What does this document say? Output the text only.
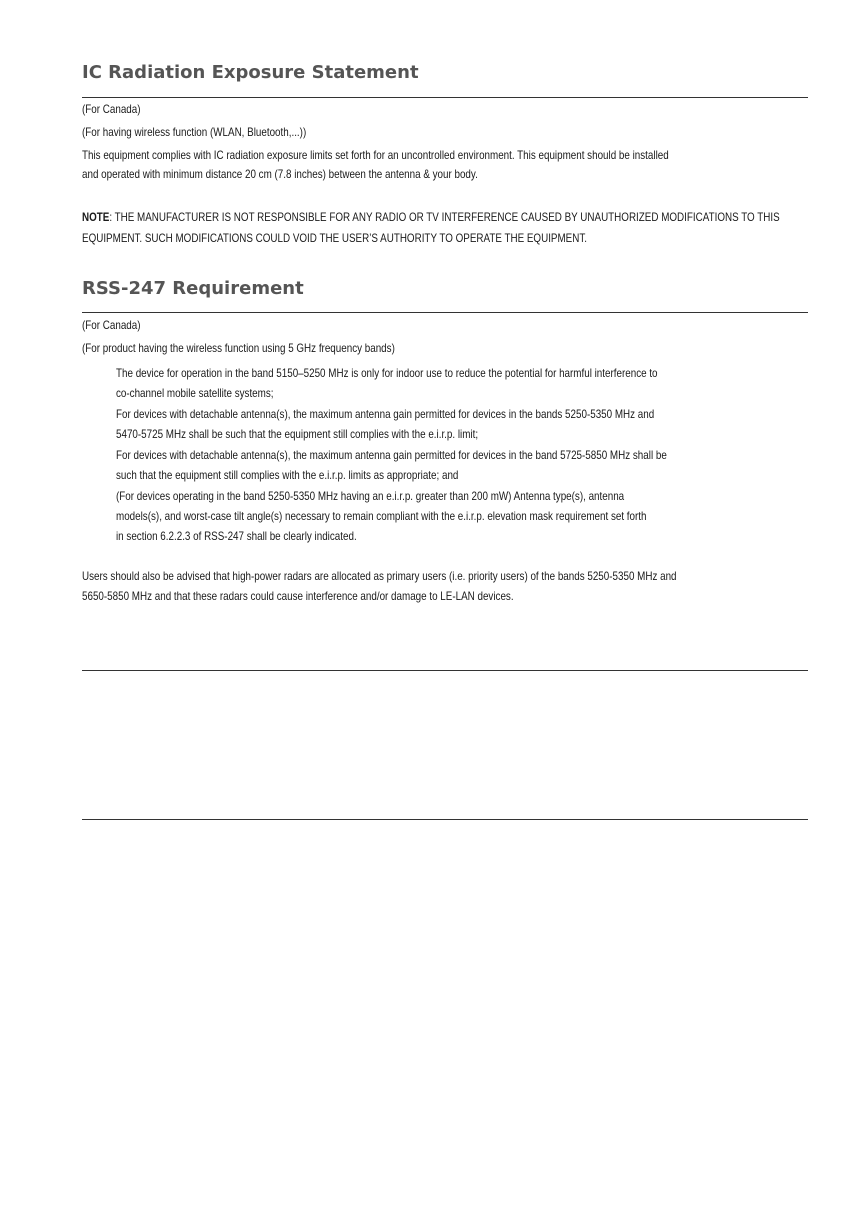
IC Radiation Exposure Statement
(For Canada)
(For having wireless function (WLAN, Bluetooth,...))
This equipment complies with IC radiation exposure limits set forth for an uncontrolled environment. This equipment should be installed
and operated with minimum distance 20 cm (7.8 inches) between the antenna & your body.
NOTE: THE MANUFACTURER IS NOT RESPONSIBLE FOR ANY RADIO OR TV INTERFERENCE CAUSED BY UNAUTHORIZED MODIFICATIONS TO THIS
EQUIPMENT. SUCH MODIFICATIONS COULD VOID THE USER’S AUTHORITY TO OPERATE THE EQUIPMENT.
RSS-247 Requirement
(For Canada)
(For product having the wireless function using 5 GHz frequency bands)
The device for operation in the band 5150–5250 MHz is only for indoor use to reduce the potential for harmful interference to
co-channel mobile satellite systems;
For devices with detachable antenna(s), the maximum antenna gain permitted for devices in the bands 5250-5350 MHz and
5470-5725 MHz shall be such that the equipment still complies with the e.i.r.p. limit;
For devices with detachable antenna(s), the maximum antenna gain permitted for devices in the band 5725-5850 MHz shall be
such that the equipment still complies with the e.i.r.p. limits as appropriate; and
(For devices operating in the band 5250-5350 MHz having an e.i.r.p. greater than 200 mW) Antenna type(s), antenna
models(s), and worst-case tilt angle(s) necessary to remain compliant with the e.i.r.p. elevation mask requirement set forth
in section 6.2.2.3 of RSS-247 shall be clearly indicated.
Users should also be advised that high-power radars are allocated as primary users (i.e. priority users) of the bands 5250-5350 MHz and
5650-5850 MHz and that these radars could cause interference and/or damage to LE-LAN devices.
